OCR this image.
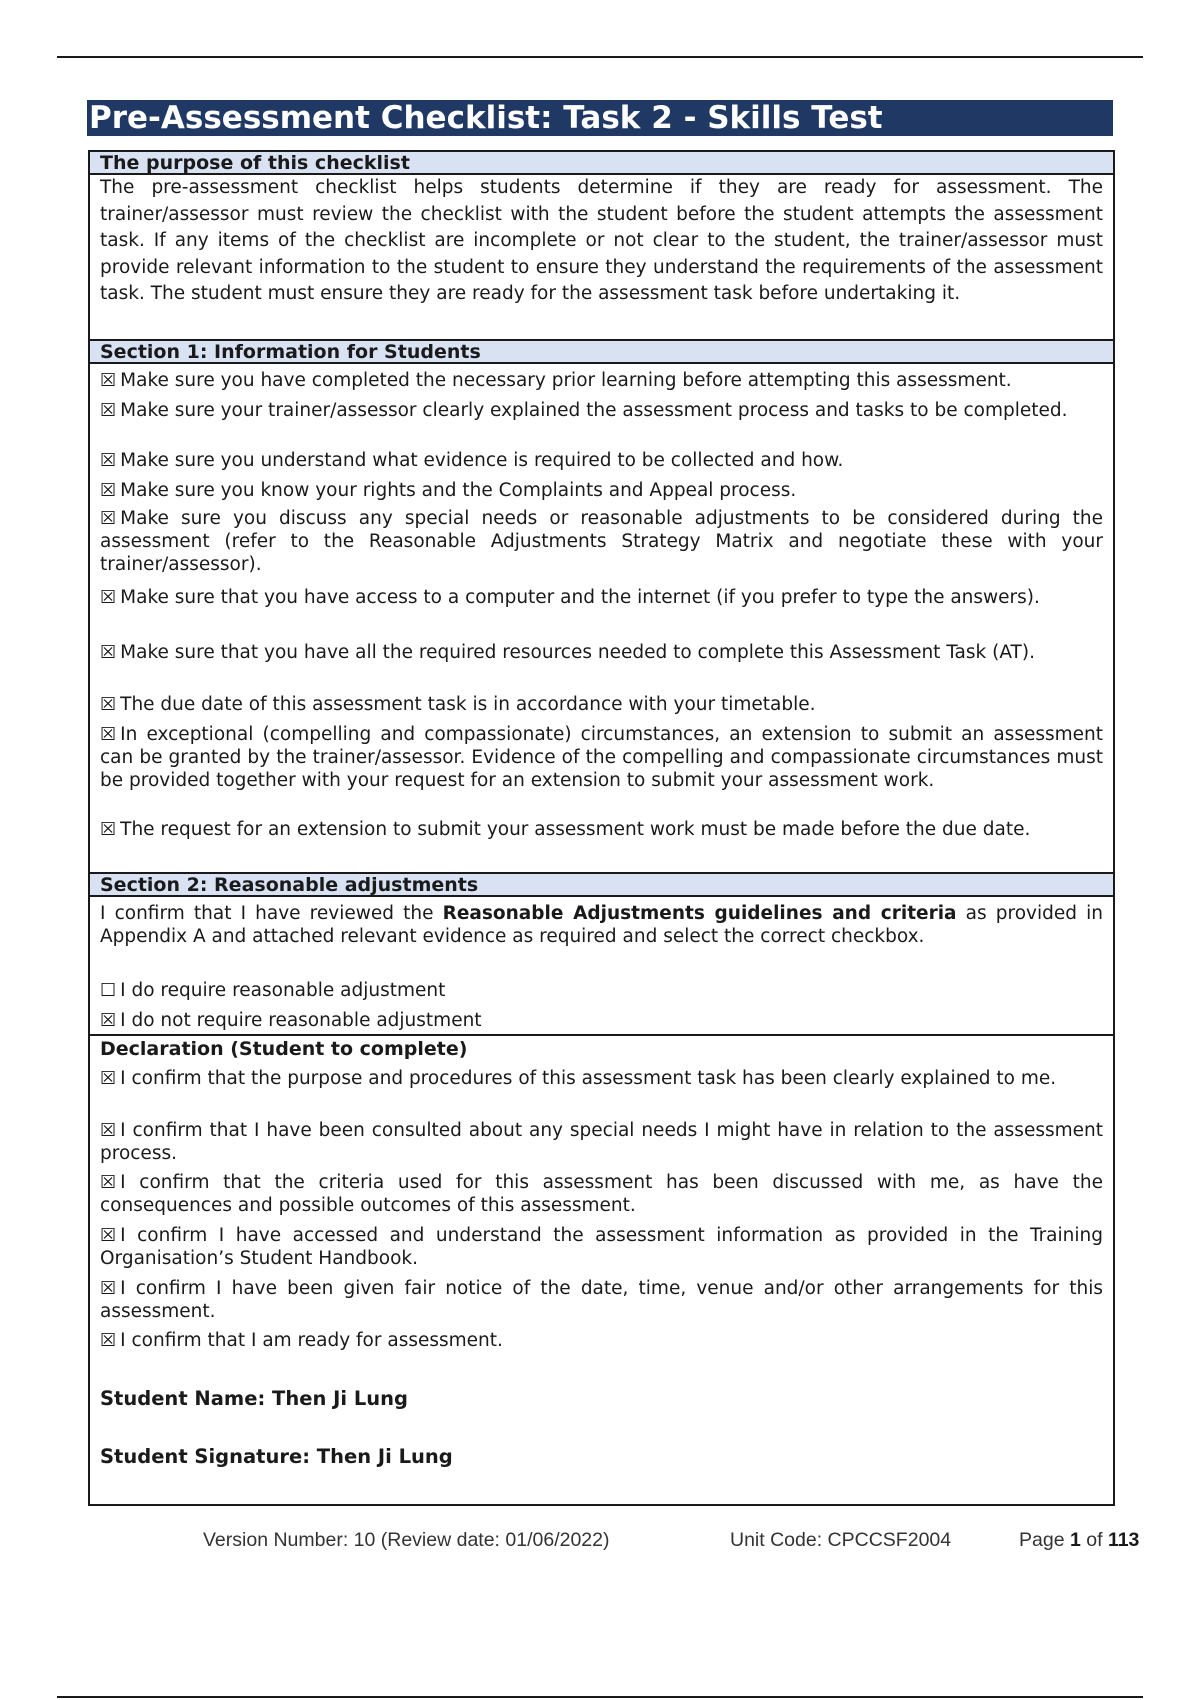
Pre-Assessment Checklist: Task 2 - Skills Test
The purpose of this checklist
The pre-assessment checklist helps students determine if they are ready for assessment. The trainer/assessor must review the checklist with the student before the student attempts the assessment task. If any items of the checklist are incomplete or not clear to the student, the trainer/assessor must provide relevant information to the student to ensure they understand the requirements of the assessment task. The student must ensure they are ready for the assessment task before undertaking it.
Section 1: Information for Students
☒ Make sure you have completed the necessary prior learning before attempting this assessment.
☒ Make sure your trainer/assessor clearly explained the assessment process and tasks to be completed.
☒ Make sure you understand what evidence is required to be collected and how.
☒ Make sure you know your rights and the Complaints and Appeal process.
☒ Make sure you discuss any special needs or reasonable adjustments to be considered during the assessment (refer to the Reasonable Adjustments Strategy Matrix and negotiate these with your trainer/assessor).
☒ Make sure that you have access to a computer and the internet (if you prefer to type the answers).
☒ Make sure that you have all the required resources needed to complete this Assessment Task (AT).
☒ The due date of this assessment task is in accordance with your timetable.
☒ In exceptional (compelling and compassionate) circumstances, an extension to submit an assessment can be granted by the trainer/assessor. Evidence of the compelling and compassionate circumstances must be provided together with your request for an extension to submit your assessment work.
☒ The request for an extension to submit your assessment work must be made before the due date.
Section 2: Reasonable adjustments
I confirm that I have reviewed the Reasonable Adjustments guidelines and criteria as provided in Appendix A and attached relevant evidence as required and select the correct checkbox.
☐ I do require reasonable adjustment
☒ I do not require reasonable adjustment
Declaration (Student to complete)
☒ I confirm that the purpose and procedures of this assessment task has been clearly explained to me.
☒ I confirm that I have been consulted about any special needs I might have in relation to the assessment process.
☒ I confirm that the criteria used for this assessment has been discussed with me, as have the consequences and possible outcomes of this assessment.
☒ I confirm I have accessed and understand the assessment information as provided in the Training Organisation’s Student Handbook.
☒ I confirm I have been given fair notice of the date, time, venue and/or other arrangements for this assessment.
☒ I confirm that I am ready for assessment.
Student Name: Then Ji Lung
Student Signature: Then Ji Lung
Version Number: 10 (Review date: 01/06/2022)	Unit Code: CPCCSF2004	Page 1 of 113
